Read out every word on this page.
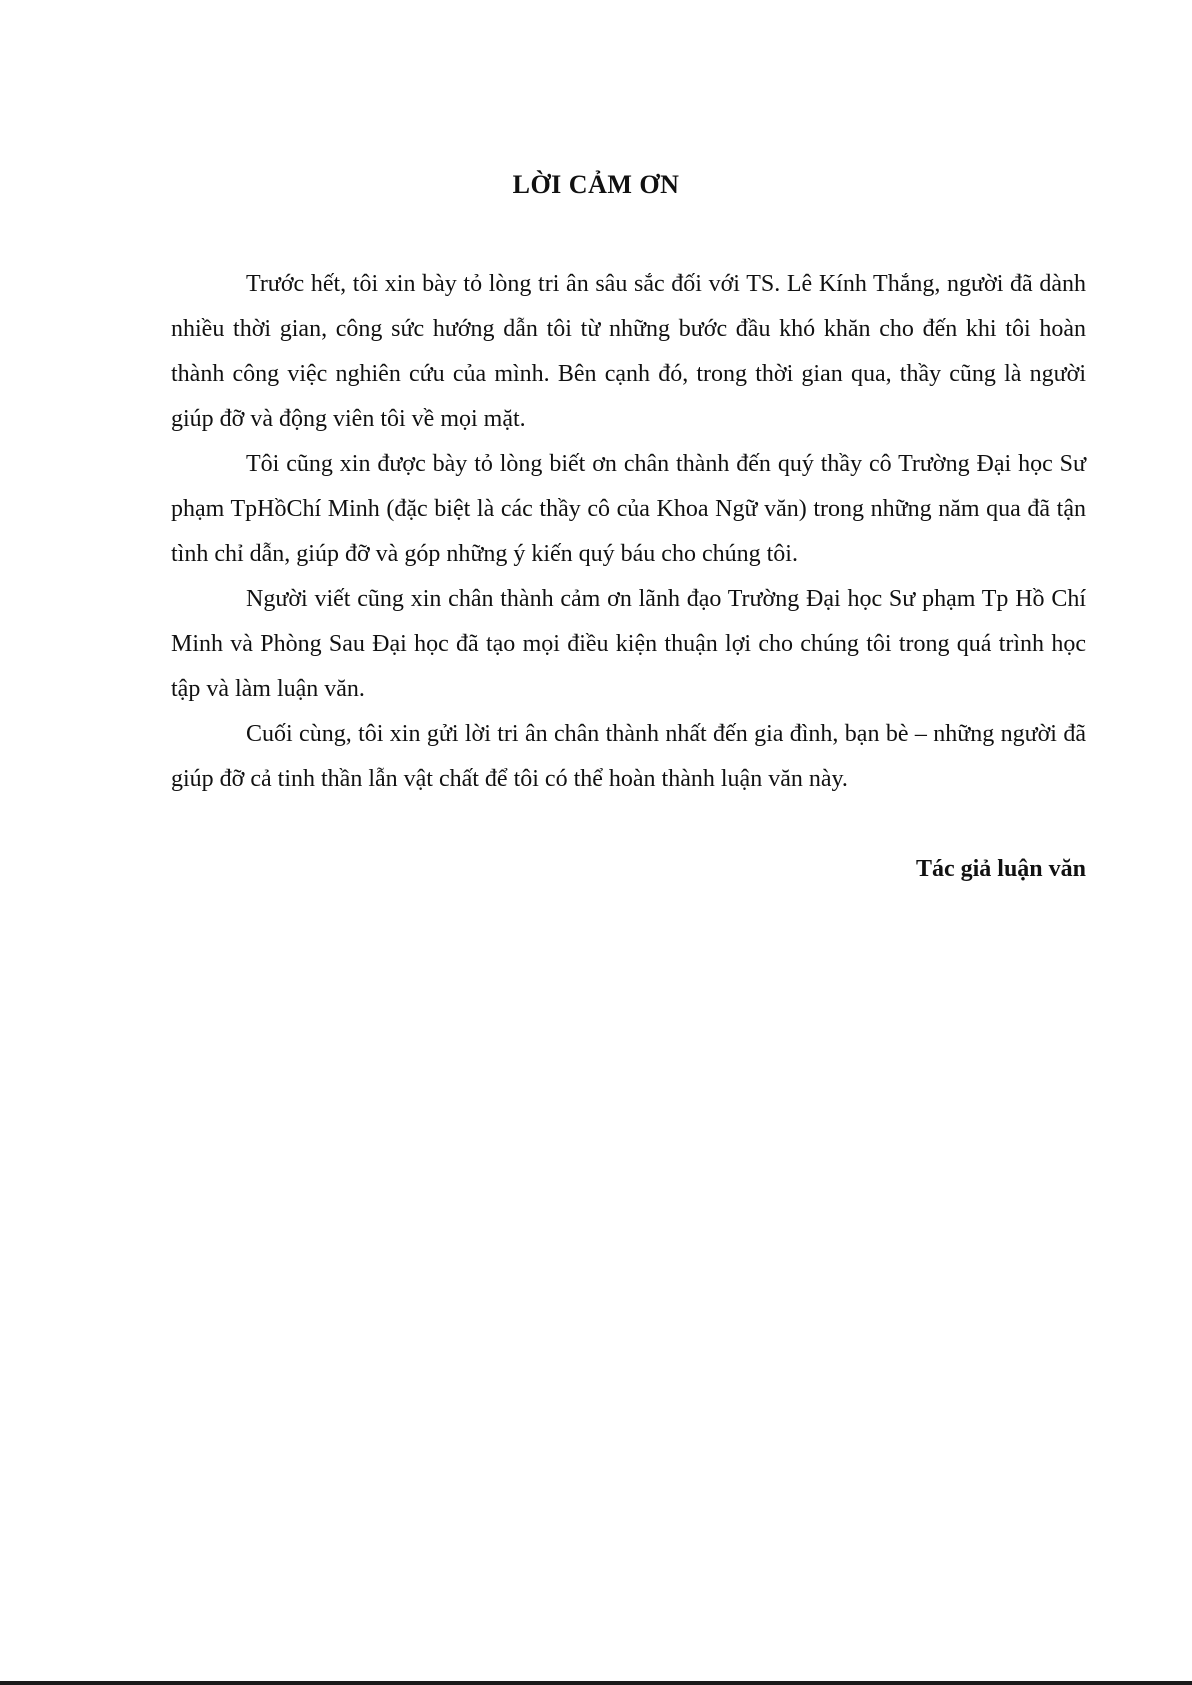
LỜI CẢM ƠN

Trước hết, tôi xin bày tỏ lòng tri ân sâu sắc đối với TS. Lê Kính Thắng, người đã dành nhiều thời gian, công sức hướng dẫn tôi từ những bước đầu khó khăn cho đến khi tôi hoàn thành công việc nghiên cứu của mình. Bên cạnh đó, trong thời gian qua, thầy cũng là người giúp đỡ và động viên tôi về mọi mặt.

Tôi cũng xin được bày tỏ lòng biết ơn chân thành đến quý thầy cô Trường Đại học Sư phạm TpHồChí Minh (đặc biệt là các thầy cô của Khoa Ngữ văn) trong những năm qua đã tận tình chỉ dẫn, giúp đỡ và góp những ý kiến quý báu cho chúng tôi.

Người viết cũng xin chân thành cảm ơn lãnh đạo Trường Đại học Sư phạm Tp Hồ Chí Minh và Phòng Sau Đại học đã tạo mọi điều kiện thuận lợi cho chúng tôi trong quá trình học tập và làm luận văn.

Cuối cùng, tôi xin gửi lời tri ân chân thành nhất đến gia đình, bạn bè – những người đã giúp đỡ cả tinh thần lẫn vật chất để tôi có thể hoàn thành luận văn này.

Tác giả luận văn
